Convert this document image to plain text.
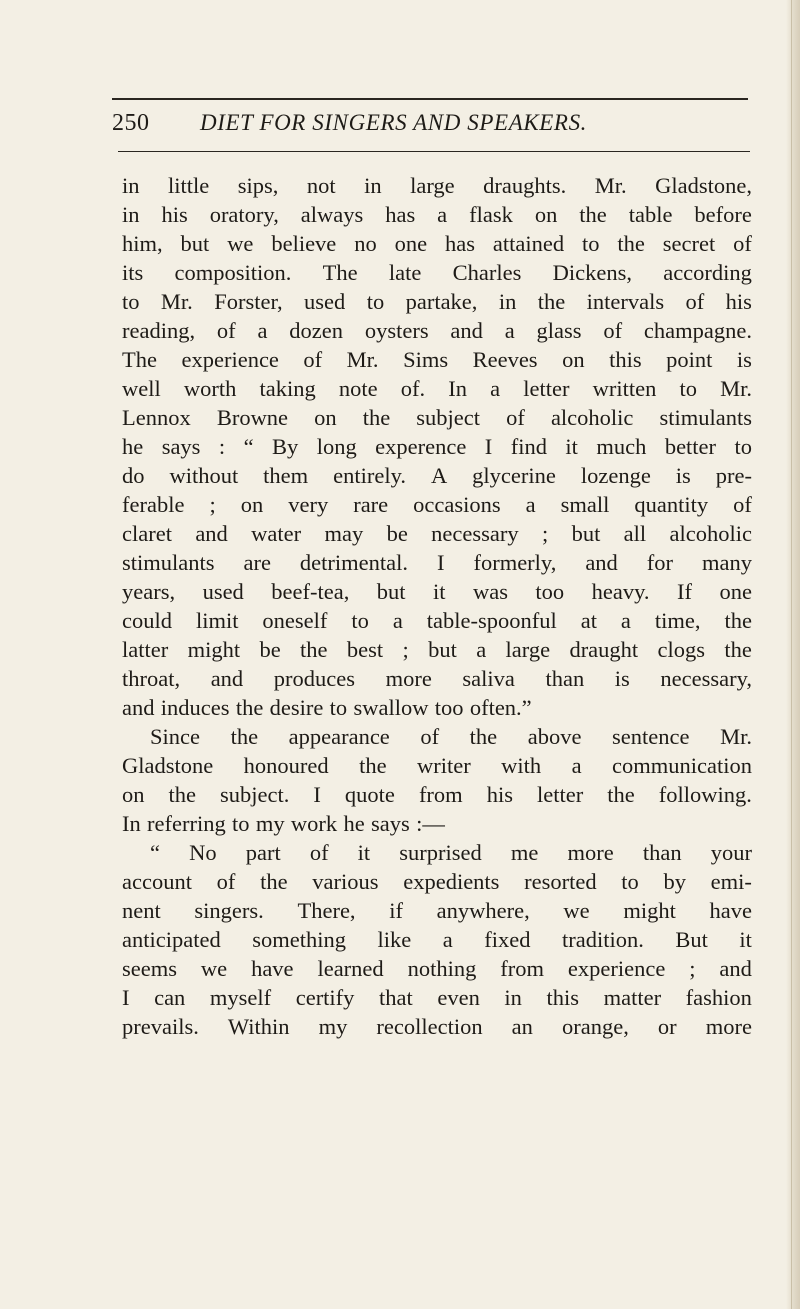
250 DIET FOR SINGERS AND SPEAKERS.
in little sips, not in large draughts. Mr. Gladstone,
in his oratory, always has a flask on the table before
him, but we believe no one has attained to the secret of
its composition. The late Charles Dickens, according
to Mr. Forster, used to partake, in the intervals of his
reading, of a dozen oysters and a glass of champagne.
The experience of Mr. Sims Reeves on this point is
well worth taking note of. In a letter written to Mr.
Lennox Browne on the subject of alcoholic stimulants
he says : “ By long experence I find it much better to
do without them entirely. A glycerine lozenge is pre-
ferable ; on very rare occasions a small quantity of
claret and water may be necessary ; but all alcoholic
stimulants are detrimental. I formerly, and for many
years, used beef-tea, but it was too heavy. If one
could limit oneself to a table-spoonful at a time, the
latter might be the best ; but a large draught clogs the
throat, and produces more saliva than is necessary,
and induces the desire to swallow too often.”
Since the appearance of the above sentence Mr.
Gladstone honoured the writer with a communication
on the subject. I quote from his letter the following.
In referring to my work he says :—
“ No part of it surprised me more than your
account of the various expedients resorted to by emi-
nent singers. There, if anywhere, we might have
anticipated something like a fixed tradition. But it
seems we have learned nothing from experience ; and
I can myself certify that even in this matter fashion
prevails. Within my recollection an orange, or more
